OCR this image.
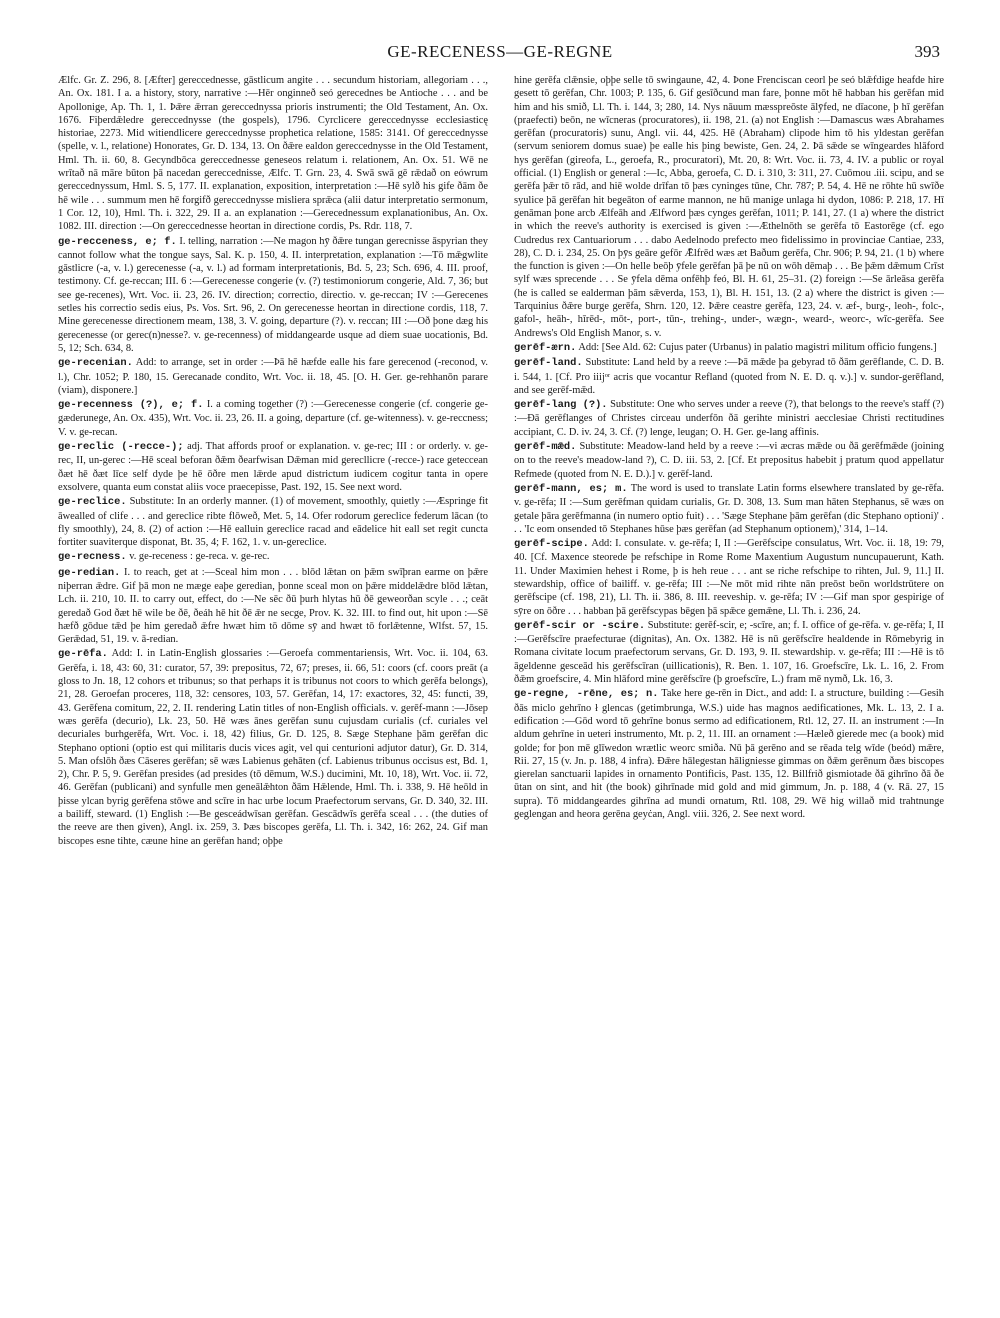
GE-RECENESS—GE-REGNE	393

Ælfc. Gr. Z. 296, 8. [Æfter] gereccednesse, gāstlicum angite . . . secundum historiam, allegoriam . . ., An. Ox. 181. I a. a history, story, narrative :—Hēr onginneð seó gerecednes be Antioche . . . and be Apollonige, Ap. Th. 1, 1. Þǣre ǣrran gereccednyssa prioris instrumenti; the Old Testament, An. Ox. 1676. Fiþerdǣledre gereccednysse (the gospels), 1796. Cyrclicere gereccednysse ecclesiasticę historiae, 2273. Mid witiendlicere gereccednysse prophetica relatione, 1585: 3141. Of gereccednysse (spelle, v. l., relatione) Honorates, Gr. D. 134, 13. On ðǣre ealdon gereccednysse in the Old Testament, Hml. Th. ii. 60, 8. Gecyndbōca gereccednesse geneseos relatum i. relationem, An. Ox. 51. Wē ne wrītað nā māre būton þā nacedan gereccednisse, Ælfc. T. Grn. 23, 4. Swā swā gē rǣdað on eówrum gereccednyssum, Hml. S. 5, 177. II. explanation, exposition, interpretation :—Hē sylð his gife ðām ðe hē wile . . . summum men hē forgifð gereccednysse misliera sprǣca (alii datur interpretatio sermonum, 1 Cor. 12, 10), Hml. Th. i. 322, 29. II a. an explanation :—Gerecednessum explanationibus, An. Ox. 1082. III. direction :—On gereccednesse heortan in directione cordis, Ps. Rdr. 118, 7.

ge-recceness, e; f. I. telling, narration :—Ne magon hȳ ðǣre tungan gerecnisse āspyrian they cannot follow what the tongue says, Sal. K. p. 150, 4. II. interpretation, explanation :—Tō mǣgwlite gāstlicre (-a, v. l.) gerecenesse (-a, v. l.) ad formam interpretationis, Bd. 5, 23; Sch. 696, 4. III. proof, testimony. Cf. ge-reccan; III. 6 :—Gerecenesse congerie (v. (?) testimoniorum congerie, Ald. 7, 36; but see ge-recenes), Wrt. Voc. ii. 23, 26. IV. direction; correctio, directio. v. ge-reccan; IV :—Gerecenes setles his correctio sedis eius, Ps. Vos. Srt. 96, 2. On gerecenesse heortan in directione cordis, 118, 7. Mine gerecenesse directionem meam, 138, 3. V. going, departure (?). v. reccan; III :—Oð þone dæg his gerecenesse (or gerec(n)nesse?. v. ge-recenness) of middangearde usque ad diem suae uocationis, Bd. 5, 12; Sch. 634, 8.

ge-recenian. Add: to arrange, set in order :—Þā hē hæfde ealle his fare gerecenod (-reconod, v. l.), Chr. 1052; P. 180, 15. Gerecanade condito, Wrt. Voc. ii. 18, 45. [O. H. Ger. ge-rehhanōn parare (viam), disponere.]

ge-recenness (?), e; f. I. a coming together (?) :—Gerecenesse congerie (cf. congerie ge-gæderunege, An. Ox. 435), Wrt. Voc. ii. 23, 26. II. a going, departure (cf. ge-witenness). v. ge-reccness; V. v. ge-recan.

ge-reclic (-recce-); adj. That affords proof or explanation. v. ge-rec; III : or orderly. v. ge-rec, II, un-gerec :—Hē sceal beforan ðǣm ðearfwisan Dǣman mid gerecllicre (-recce-) race geteccean ðæt hē ðæt līce self dyde þe hē ōðre men lǣrde apud districtum iudicem cogitur tanta in opere exsolvere, quanta eum constat aliis voce praecepisse, Past. 192, 15. See next word.

ge-reclice. Substitute: In an orderly manner. (1) of movement, smoothly, quietly :—Æspringe fit āwealled of clife . . . and gereclice ribte flōweð, Met. 5, 14. Ofer rodorum gereclice federum lācan (to fly smoothly), 24, 8. (2) of action :—Hē ealluin gereclice racad and eādelice hit eall set regit cuncta fortiter suaviterque disponat, Bt. 35, 4; F. 162, 1. v. un-gereclice.

ge-recness. v. ge-receness : ge-reca. v. ge-rec.

ge-redian. I. to reach, get at :—Sceal him mon . . . blōd lǣtan on þǣm swīþran earme on þǣre niþerran ǣdre. Gif þā mon ne mæge eaþe geredian, þonne sceal mon on þǣre middelǣdre blōd lǣtan, Lch. ii. 210, 10. II. to carry out, effect, do :—Ne sēc ðū þurh hlytas hū ðē geweorðan scyle . . .; ceāt geredað God ðæt hē wile be ðē, ðeáh hē hit ðē ǣr ne secge, Prov. K. 32. III. to find out, hit upon :—Sē hæfð gōdue tǣd þe him geredað ǣfre hwæt him tō dōme sȳ and hwæt tō forlǣtenne, Wlfst. 57, 15. Gerǣdad, 51, 19. v. ā-redian.

ge-rēfa. Add: I. in Latin-English glossaries :—Geroefa commentariensis, Wrt. Voc. ii. 104, 63. Gerēfa, i. 18, 43: 60, 31: curator, 57, 39: prepositus, 72, 67; preses, ii. 66, 51: coors (cf. coors preāt (a gloss to Jn. 18, 12 cohors et tribunus; so that perhaps it is tribunus not coors to which gerēfa belongs), 21, 28. Geroefan proceres, 118, 32: censores, 103, 57. Gerēfan, 14, 17: exactores, 32, 45: functi, 39, 43. Gerēfena comitum, 22, 2. II. rendering Latin titles of non-English officials. v. gerēf-mann :—Jōsep wæs gerēfa (decurio), Lk. 23, 50. Hē wæs ānes gerēfan sunu cujusdam curialis (cf. curiales vel decuriales burhgerēfa, Wrt. Voc. i. 18, 42) filius, Gr. D. 125, 8. Sæge Stephane þām gerēfan dic Stephano optioni (optio est qui militaris ducis vices agit, vel qui centurioni adjutor datur), Gr. D. 314, 5. Man ofslōh ðæs Cāseres gerēfan; sē wæs Labienus gehāten (cf. Labienus tribunus occisus est, Bd. 1, 2), Chr. P. 5, 9. Gerēfan presides (ad presides (tō dēmum, W.S.) ducimini, Mt. 10, 18), Wrt. Voc. ii. 72, 46. Gerēfan (publicani) and synfulle men geneālǣhton ðām Hǣlende, Hml. Th. i. 338, 9. Hē heōld in þisse ylcan byrig gerēfena stōwe and scīre in hac urbe locum Praefectorum servans, Gr. D. 340, 32. III. a bailiff, steward. (1) English :—Be gesceádwīsan gerēfan. Gescādwīs gerēfa sceal . . . (the duties of the reeve are then given), Angl. ix. 259, 3. Þæs biscopes gerēfa, Ll. Th. i. 342, 16: 262, 24. Gif man biscopes esne tihte, cæune hine an gerēfan hand; oþþe

hine gerēfa clǣnsie, oþþe selle tō swingaune, 42, 4. Þone Frenciscan ceorl þe seó blǣfdige heafde hire gesett tō gerēfan, Chr. 1003; P. 135, 6. Gif gesīðcund man fare, þonne mōt hē habban his gerēfan mid him and his smið, Ll. Th. i. 144, 3; 280, 14. Nys nāuum mæsspreōste ālȳfed, ne dīacone, þ hī gerēfan (praefecti) beōn, ne wīcneras (procuratores), ii. 198, 21. (a) not English :—Damascus wæs Abrahames gerēfan (procuratoris) sunu, Angl. vii. 44, 425. Hē (Abraham) clipode him tō his yldestan gerēfan (servum seniorem domus suae) þe ealle his þing bewiste, Gen. 24, 2. Þā sǣde se wīngeardes hlāford hys gerēfan (gireofa, L., geroefa, R., procuratori), Mt. 20, 8: Wrt. Voc. ii. 73, 4. IV. a public or royal official. (1) English or general :—Ic, Abba, geroefa, C. D. i. 310, 3: 311, 27. Cuōmou .iii. scipu, and se gerēfa þǣr tō rād, and hiē wolde drīfan tō þæs cyninges tūne, Chr. 787; P. 54, 4. Hē ne rōhte hū swīðe syulice þā gerēfan hit begeāton of earme mannon, ne hū manige unlaga hi dydon, 1086: P. 218, 17. Hī genāman þone arcb Ælfeāh and Ælfword þæs cynges gerēfan, 1011; P. 141, 27. (1 a) where the district in which the reeve's authority is exercised is given :—Æthelnōth se gerēfa tō Eastorēge (cf. ego Cudredus rex Cantuariorum . . . dabo Aedelnodo prefecto meo fidelissimo in provinciae Cantiae, 233, 28), C. D. i. 234, 25. On þȳs geāre gefōr Ǣlfrēd wæs æt Baðum gerēfa, Chr. 906; P. 94, 21. (1 b) where the function is given :—On helle beōþ ȳfele gerēfan þā þe nū on wōh dēmaþ . . . Be þǣm dǣmum Crīst sylf wæs sprecende . . . Se ȳfela dēma onfēhþ feó, Bl. H. 61, 25–31. (2) foreign :—Se ārleāsa gerēfa (he is called se ealderman þām sǣverda, 153, 1), Bl. H. 151, 13. (2 a) where the district is given :—Tarquinius ðǣre burge gerēfa, Shrn. 120, 12. Þǣre ceastre gerēfa, 123, 24. v. æf-, burg-, leoh-, folc-, gafol-, heāh-, hīrēd-, mōt-, port-, tūn-, trehing-, under-, wægn-, weard-, weorc-, wīc-gerēfa. See Andrews's Old English Manor, s. v.

gerēf-ærn. Add: [See Ald. 62: Cujus pater (Urbanus) in palatio magistri militum officio fungens.]

gerēf-land. Substitute: Land held by a reeve :—Þā mǣde þa gebyrad tō ðām gerēflande, C. D. B. i. 544, 1. [Cf. Pro iiijᵒʳ acris que vocantur Refland (quoted from N. E. D. q. v.).] v. sundor-gerēfland, and see gerēf-mǣd.

gerēf-lang (?). Substitute: One who serves under a reeve (?), that belongs to the reeve's staff (?) :—Ðā gerēflanges of Christes circeau underfōn ðā gerihte ministri aecclesiae Christi rectitudines accipiant, C. D. iv. 24, 3. Cf. (?) lenge, leugan; O. H. Ger. ge-lang affinis.

gerēf-mǣd. Substitute: Meadow-land held by a reeve :—vi æcras mǣde ou ðā gerēfmǣde (joining on to the reeve's meadow-land ?), C. D. iii. 53, 2. [Cf. Et prepositus habebit j pratum quod appellatur Refmede (quoted from N. E. D.).] v. gerēf-land.

gerēf-mann, es; m. The word is used to translate Latin forms elsewhere translated by ge-rēfa. v. ge-rēfa; II :—Sum gerēfman quidam curialis, Gr. D. 308, 13. Sum man hāten Stephanus, sē wæs on getale þāra gerēfmanna (in numero optio fuit) . . . 'Sæge Stephane þām gerēfan (dic Stephano optioni)' . . . 'Ic eom onsended tō Stephanes hūse þæs gerēfan (ad Stephanum optionem),' 314, 1–14.

gerēf-scipe. Add: I. consulate. v. ge-rēfa; I, II :—Gerēfscipe consulatus, Wrt. Voc. ii. 18, 19: 79, 40. [Cf. Maxence steorede þe refschipe in Rome Rome Maxentium Augustum nuncupauerunt, Kath. 11. Under Maximien hehest i Rome, þ is heh reue . . . ant se riche refschipe to rihten, Jul. 9, 11.] II. stewardship, office of bailiff. v. ge-rēfa; III :—Ne mōt mid rihte nān preōst beōn worldstrūtere on gerēfscipe (cf. 198, 21), Ll. Th. ii. 386, 8. III. reeveship. v. ge-rēfa; IV :—Gif man spor gespirige of sȳre on ōðre . . . habban þā gerēfscypas bēgen þā spǣce gemǣne, Ll. Th. i. 236, 24.

gerēf-scir or -scire. Substitute: gerēf-scir, e; -scīre, an; f. I. office of ge-rēfa. v. ge-rēfa; I, II :—Gerēfscīre praefecturae (dignitas), An. Ox. 1382. Hē is nū gerēfscīre healdende in Rōmebyrig in Romana civitate locum praefectorum servans, Gr. D. 193, 9. II. stewardship. v. ge-rēfa; III :—Hē is tō āgeldenne gesceād his gerēfscīran (uillicationis), R. Ben. 1. 107, 16. Groefscīre, Lk. L. 16, 2. From ðǣm groefscire, 4. Min hlāford mine gerēfscīre (þ groefscīre, L.) fram mē nymð, Lk. 16, 3.

ge-regne, -rēne, es; n. Take here ge-rēn in Dict., and add: I. a structure, building :—Gesih ðās miclo gehrīno ł glencas (getimbrunga, W.S.) uide has magnos aedificationes, Mk. L. 13, 2. I a. edification :—Gōd word tō gehrīne bonus sermo ad edificationem, Rtl. 12, 27. II. an instrument :—In aldum gehrīne in ueteri instrumento, Mt. p. 2, 11. III. an ornament :—Hæleð gierede mec (a book) mid golde; for þon mē glīwedon wrætlic weorc smiða. Nū þā gerēno and se rēada telg wīde (beód) mǣre, Rii. 27, 15 (v. Jn. p. 188, 4 infra). Ðǣre hālegestan hāligniesse gimmas on ðǣm gerēnum ðæs biscopes gierelan sanctuarii lapides in ornamento Pontificis, Past. 135, 12. Billfrið gismiotade ðā gihrīno ðā ðe ūtan on sint, and hit (the book) gihrīnade mid gold and mid gimmum, Jn. p. 188, 4 (v. Rā. 27, 15 supra). Tō middangeardes gihrīna ad mundi ornatum, Rtl. 108, 29. Wē hig willað mid trahtnunge geglengan and heora gerēna geyċan, Angl. viii. 326, 2. See next word.
